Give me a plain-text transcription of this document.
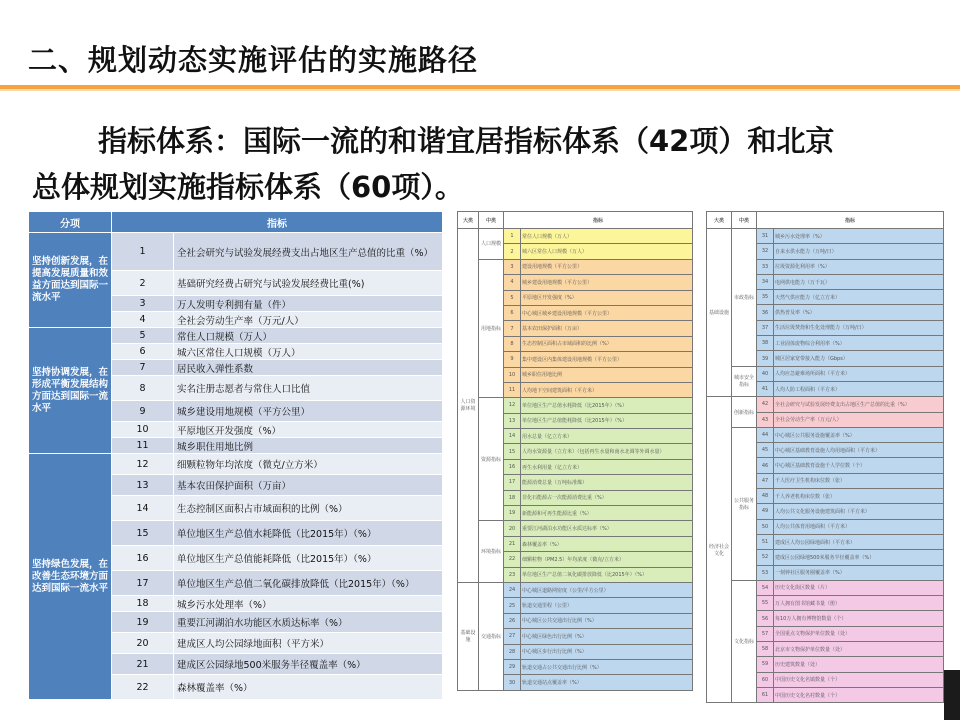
二、规划动态实施评估的实施路径
指标体系：国际一流的和谐宜居指标体系（42项）和北京
总体规划实施指标体系（60项）。
分项	指标	
坚持创新发展，在提高发展质量和效益方面达到国际一流水平	1	全社会研究与试验发展经费支出占地区生产总值的比重（%）
	2	基础研究经费占研究与试验发展经费比重(%)
	3	万人发明专利拥有量（件）
	4	全社会劳动生产率（万元/人）
坚持协调发展，在形成平衡发展结构方面达到国际一流水平	5	常住人口规模（万人）
	6	城六区常住人口规模（万人）
	7	居民收入弹性系数
	8	实名注册志愿者与常住人口比值
	9	城乡建设用地规模（平方公里）
	10	平原地区开发强度（%）
	11	城乡职住用地比例
坚持绿色发展，在改善生态环境方面达到国际一流水平	12	细颗粒物年均浓度（微克/立方米）
	13	基本农田保护面积（万亩）
	14	生态控制区面积占市域面积的比例（%）
	15	单位地区生产总值水耗降低（比2015年）（%）
	16	单位地区生产总值能耗降低（比2015年）（%）
	17	单位地区生产总值二氧化碳排放降低（比2015年）（%）
	18	城乡污水处理率（%）
	19	重要江河湖泊水功能区水质达标率（%）
	20	建成区人均公园绿地面积（平方米）
	21	建成区公园绿地500米服务半径覆盖率（%）
	22	森林覆盖率（%）
大类	中类	指标	
人口资源环境	人口规模	1	常住人口规模（万人）
		2	城六区常住人口规模（万人）
	用地指标	3	建设用地规模（平方公里）
		4	城乡建设用地规模（平方公里）
		5	平原地区开发强度（%）
		6	中心城区城乡建设用地规模（平方公里）
		7	基本农田保护面积（万亩）
		8	生态控制区面积占市域面积的比例（%）
		9	集中建设区内集体建设用地规模（平方公里）
		10	城乡职住用地比例
		11	人均地下空间建筑面积（平方米）
	资源指标	12	单位地区生产总值水耗降低（比2015年）（%）
		13	单位地区生产总值能耗降低（比2015年）（%）
		14	用水总量（亿立方米）
		15	人均水资源量（立方米）（包括再生水量和南水北调等外调水量）
		16	再生水利用量（亿立方米）
		17	能源消费总量（万吨标准煤）
		18	非化石能源占一次能源消费比重（%）
		19	新能源和可再生能源比重（%）
	环境指标	20	重要江河湖泊水功能区水质达标率（%）
		21	森林覆盖率（%）
		22	细颗粒物（PM2.5）年均浓度（微克/立方米）
		23	单位地区生产总值二氧化碳排放降低（比2015年）（%）
基础设施	交通指标	24	中心城区道路网密度（公里/平方公里）
		25	轨道交通里程（公里）
		26	中心城区公共交通出行比例（%）
		27	中心城区绿色出行比例（%）
		28	中心城区步行出行比例（%）
		29	轨道交通占公共交通出行比例（%）
		30	轨道交通站点覆盖率（%）
大类	中类	指标	
基础设施	市政指标	31	城乡污水处理率（%）
		32	自来水供水能力（万吨/日）
		33	垃圾资源化利用率（%）
		34	电网供电能力（万千瓦）
		35	天然气供应能力（亿立方米）
		36	供热普及率（%）
		37	生活垃圾焚烧和生化处理能力（万吨/日）
		38	工业固体废物综合利用率（%）
		39	城区居家宽带接入能力（Gbps）
	城市安全指标	40	人均应急避难场所面积（平方米）
		41	人均人防工程面积（平方米）
经济社会文化	创新指标	42	全社会研究与试验发展经费支出占地区生产总值的比重（%）
		43	全社会劳动生产率（万元/人）
	公共服务指标	44	中心城区公共服务设施覆盖率（%）
		45	中心城区基础教育设施人均用地面积（平方米）
		46	中心城区基础教育设施千人学位数（个）
		47	千人医疗卫生机构床位数（张）
		48	千人养老机构床位数（张）
		49	人均公共文化服务设施建筑面积（平方米）
		50	人均公共体育用地面积（平方米）
		51	建成区人均公园绿地面积（平方米）
		52	建成区公园绿地500米服务半径覆盖率（%）
		53	一刻钟社区服务圈覆盖率（%）
	文化指标	54	历史文化街区数量（片）
		55	万人拥有图书馆藏书量（册）
		56	每10万人拥有博物馆数量（个）
		57	全国重点文物保护单位数量（处）
		58	北京市文物保护单位数量（处）
		59	历史建筑数量（处）
		60	中国历史文化名镇数量（个）
		61	中国历史文化名村数量（个）
